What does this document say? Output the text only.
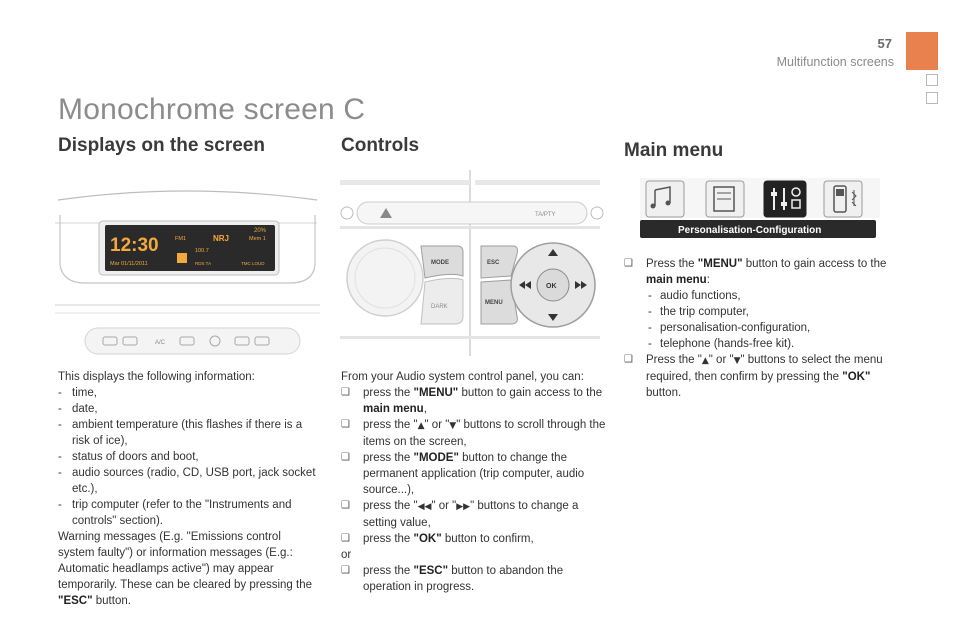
57
Multifunction screens
Monochrome screen C
Displays on the screen	Controls	Main menu
12:30	FM1	NRJ	Mem 1
20%
100.7
Mar 01/11/2011	RDS TA	TMC LOUD
A/C
TA/PTY
MODE
DARK
ESC
MENU
OK
Personalisation-Configuration

This displays the following information:

- time,

- date,

- ambient temperature (this flashes if there is a risk of ice),

- status of doors and boot,

- audio sources (radio, CD, USB port, jack socket etc.),

- trip computer (refer to the "Instruments and controls" section).

Warning messages (E.g. "Emissions control system faulty") or information messages (E.g.: Automatic headlamps active") may appear temporarily. These can be cleared by pressing the "ESC" button.

From your Audio system control panel, you can:

❑ press the "MENU" button to gain access to the main menu,

❑ press the "▲" or "▼" buttons to scroll through the items on the screen,

❑ press the "MODE" button to change the permanent application (trip computer, audio source...),

❑ press the "◀◀" or "▶▶" buttons to change a setting value,

❑ press the "OK" button to confirm,

or

❑ press the "ESC" button to abandon the operation in progress.

❑ Press the "MENU" button to gain access to the main menu:

- audio functions,

- the trip computer,

- personalisation-configuration,

- telephone (hands-free kit).

❑ Press the "▲" or "▼" buttons to select the menu required, then confirm by pressing the "OK" button.
